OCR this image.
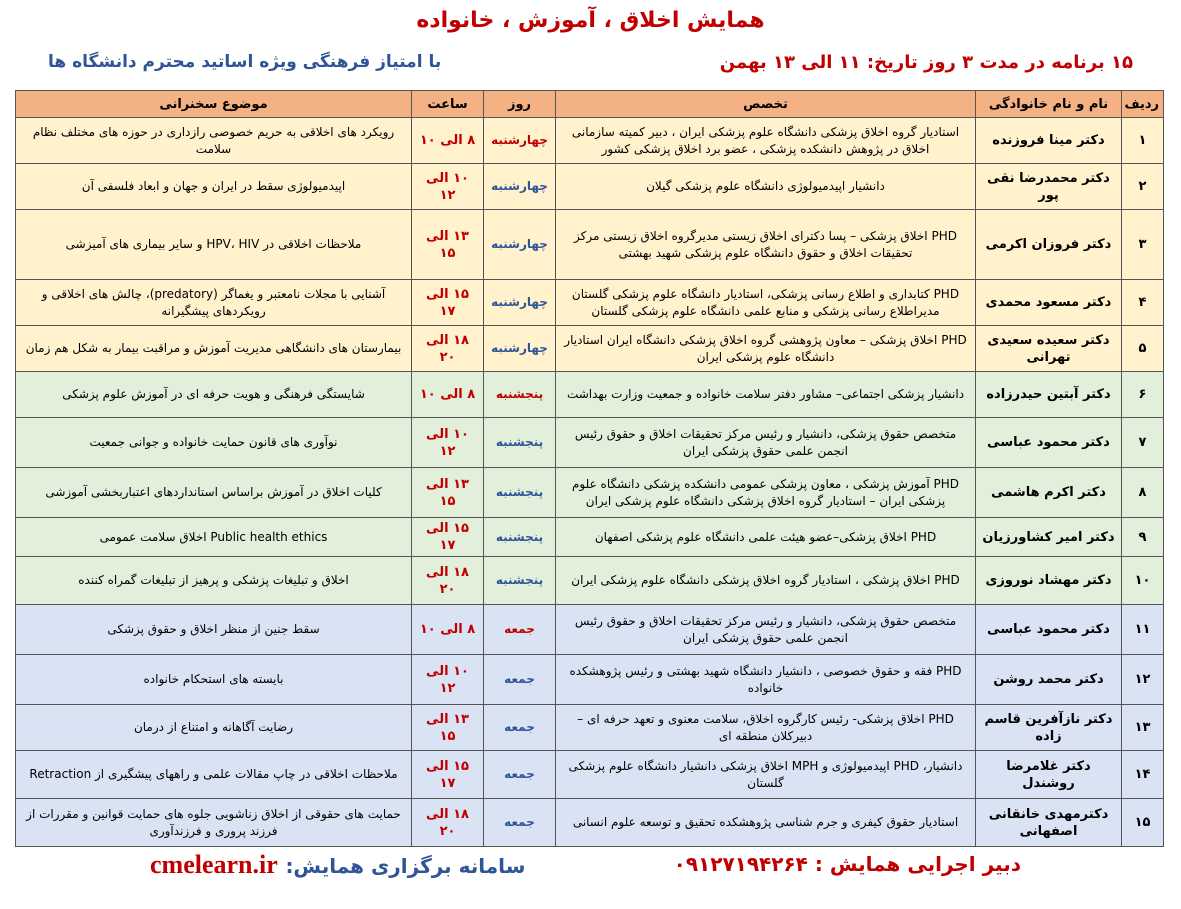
همایش اخلاق ، آموزش ، خانواده
۱۵ برنامه در مدت ۳ روز تاریخ: ۱۱ الی ۱۳ بهمن
با امتیاز فرهنگی ویژه اساتید محترم دانشگاه ها
ردیف	نام و نام خانوادگی	تخصص	روز	ساعت	موضوع سخنرانی
۱	دکتر مینا فروزنده	استادیار گروه اخلاق پزشکی دانشگاه علوم پزشکی ایران ، دبیر کمیته سازمانی اخلاق در پژوهش دانشکده پزشکی ، عضو برد اخلاق پزشکی کشور	چهارشنبه	۸ الی ۱۰	رویکرد های اخلاقی به حریم خصوصی رازداری در حوزه های مختلف نظام سلامت
۲	دکتر محمدرضا نقی پور	دانشیار اپیدمیولوژی دانشگاه علوم پزشکی گیلان	چهارشنبه	۱۰ الی ۱۲	اپیدمیولوژی سقط در ایران و جهان و ابعاد فلسفی آن
۳	دکتر فروزان اکرمی	PHD اخلاق پزشکی – پسا دکترای اخلاق زیستی مدیرگروه اخلاق زیستی مرکز تحقیقات اخلاق و حقوق دانشگاه علوم پزشکی شهید بهشتی	چهارشنبه	۱۳ الی ۱۵	ملاحظات اخلاقی در HPV، HIV و سایر بیماری های آمیزشی
۴	دکتر مسعود محمدی	PHD کتابداری و اطلاع رسانی پزشکی، استادیار دانشگاه علوم پزشکی گلستان مدیراطلاع رسانی پزشکی و منابع علمی دانشگاه علوم پزشکی گلستان	چهارشنبه	۱۵ الی ۱۷	آشنایی با مجلات نامعتبر و یغماگر (predatory)، چالش های اخلاقی و رویکردهای پیشگیرانه
۵	دکتر سعیده سعیدی تهرانی	PHD اخلاق پزشکی – معاون پژوهشی گروه اخلاق پزشکی دانشگاه ایران استادیار دانشگاه علوم پزشکی ایران	چهارشنبه	۱۸ الی ۲۰	بیمارستان های دانشگاهی مدیریت آموزش و مراقبت بیمار به شکل هم زمان
۶	دکتر آبتین حیدرزاده	دانشیار پزشکی اجتماعی– مشاور دفتر سلامت خانواده و جمعیت وزارت بهداشت	پنجشنبه	۸ الی ۱۰	شایستگی فرهنگی و هویت حرفه ای در آموزش علوم پزشکی
۷	دکتر محمود عباسی	متخصص حقوق پزشکی، دانشیار و رئیس مرکز تحقیقات اخلاق و حقوق رئیس انجمن علمی حقوق پزشکی ایران	پنجشنبه	۱۰ الی ۱۲	نوآوری های قانون حمایت خانواده و جوانی جمعیت
۸	دکتر اکرم هاشمی	PHD آموزش پزشکی ، معاون پزشکی عمومی دانشکده پزشکی دانشگاه علوم پزشکی ایران – استادیار گروه اخلاق پزشکی دانشگاه علوم پزشکی ایران	پنجشنبه	۱۳ الی ۱۵	کلیات اخلاق در آموزش براساس استانداردهای اعتباربخشی آموزشی
۹	دکتر امیر کشاورزیان	PHD اخلاق پزشکی–عضو هیئت علمی دانشگاه علوم پزشکی اصفهان	پنجشنبه	۱۵ الی ۱۷	Public health ethics اخلاق سلامت عمومی
۱۰	دکتر مهشاد نوروزی	PHD اخلاق پزشکی ، استادیار گروه اخلاق پزشکی دانشگاه علوم پزشکی ایران	پنجشنبه	۱۸ الی ۲۰	اخلاق و تبلیغات پزشکی و پرهیز از تبلیغات گمراه کننده
۱۱	دکتر محمود عباسی	متخصص حقوق پزشکی، دانشیار و رئیس مرکز تحقیقات اخلاق و حقوق رئیس انجمن علمی حقوق پزشکی ایران	جمعه	۸ الی ۱۰	سقط جنین از منظر اخلاق و حقوق پزشکی
۱۲	دکتر محمد روشن	PHD فقه و حقوق خصوصی ، دانشیار دانشگاه شهید بهشتی و رئیس پژوهشکده خانواده	جمعه	۱۰ الی ۱۲	بایسته های استحکام خانواده
۱۳	دکتر نازآفرین قاسم زاده	PHD اخلاق پزشکی- رئیس کارگروه اخلاق، سلامت معنوی و تعهد حرفه ای – دبیرکلان منطقه ای	جمعه	۱۳ الی ۱۵	رضایت آگاهانه و امتناع از درمان
۱۴	دکتر غلامرضا روشندل	دانشیار، PHD اپیدمیولوژی و MPH اخلاق پزشکی دانشیار دانشگاه علوم پزشکی گلستان	جمعه	۱۵ الی ۱۷	ملاحظات اخلاقی در چاپ مقالات علمی و راههای پیشگیری از Retraction
۱۵	دکترمهدی خانقانی اصفهانی	استادیار حقوق کیفری و جرم شناسی پژوهشکده تحقیق و توسعه علوم انسانی	جمعه	۱۸ الی ۲۰	حمایت های حقوقی از اخلاق زناشویی جلوه های حمایت قوانین و مقررات از فرزند پروری و فرزندآوری
دبیر اجرایی همایش : ۰۹۱۲۷۱۹۴۲۶۴
سامانه برگزاری همایش: cmelearn.ir
